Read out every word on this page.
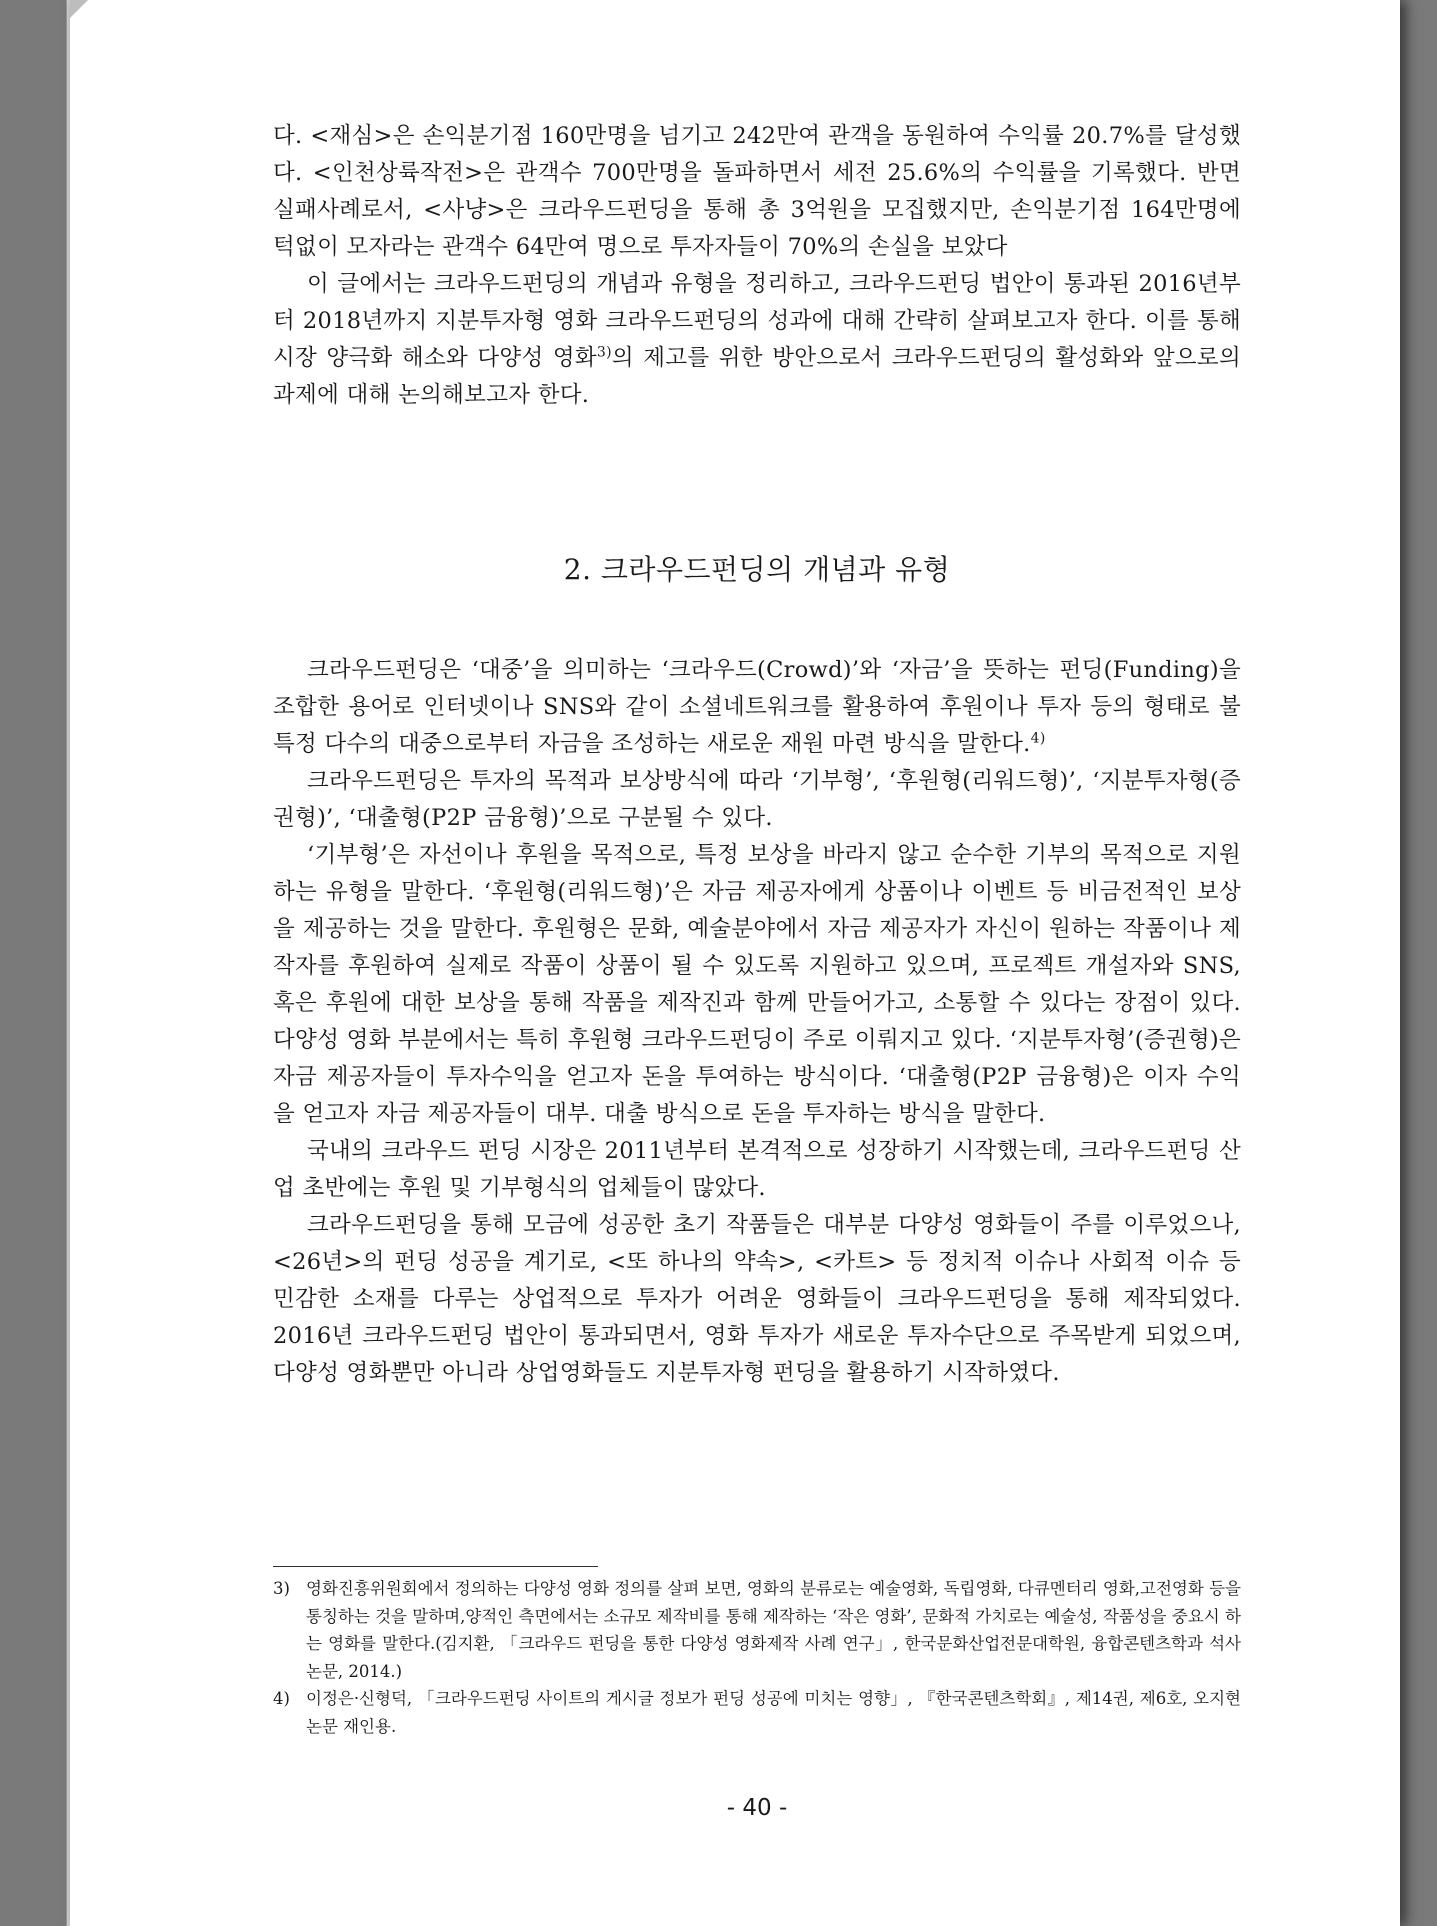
다. <재심>은 손익분기점 160만명을 넘기고 242만여 관객을 동원하여 수익률 20.7%를 달성했다. <인천상륙작전>은 관객수 700만명을 돌파하면서 세전 25.6%의 수익률을 기록했다. 반면 실패사례로서, <사냥>은 크라우드펀딩을 통해 총 3억원을 모집했지만, 손익분기점 164만명에 턱없이 모자라는 관객수 64만여 명으로 투자자들이 70%의 손실을 보았다

이 글에서는 크라우드펀딩의 개념과 유형을 정리하고, 크라우드펀딩 법안이 통과된 2016년부터 2018년까지 지분투자형 영화 크라우드펀딩의 성과에 대해 간략히 살펴보고자 한다. 이를 통해 시장 양극화 해소와 다양성 영화$^{3)}$의 제고를 위한 방안으로서 크라우드펀딩의 활성화와 앞으로의 과제에 대해 논의해보고자 한다.

2. 크라우드펀딩의 개념과 유형

크라우드펀딩은 ‘대중’을 의미하는 ‘크라우드(Crowd)’와 ‘자금’을 뜻하는 펀딩(Funding)을 조합한 용어로 인터넷이나 SNS와 같이 소셜네트워크를 활용하여 후원이나 투자 등의 형태로 불특정 다수의 대중으로부터 자금을 조성하는 새로운 재원 마련 방식을 말한다.$^{4)}$

크라우드펀딩은 투자의 목적과 보상방식에 따라 ‘기부형’, ‘후원형(리워드형)’, ‘지분투자형(증권형)’, ‘대출형(P2P 금융형)’으로 구분될 수 있다.

‘기부형’은 자선이나 후원을 목적으로, 특정 보상을 바라지 않고 순수한 기부의 목적으로 지원하는 유형을 말한다. ‘후원형(리워드형)’은 자금 제공자에게 상품이나 이벤트 등 비금전적인 보상을 제공하는 것을 말한다. 후원형은 문화, 예술분야에서 자금 제공자가 자신이 원하는 작품이나 제작자를 후원하여 실제로 작품이 상품이 될 수 있도록 지원하고 있으며, 프로젝트 개설자와 SNS, 혹은 후원에 대한 보상을 통해 작품을 제작진과 함께 만들어가고, 소통할 수 있다는 장점이 있다. 다양성 영화 부분에서는 특히 후원형 크라우드펀딩이 주로 이뤄지고 있다. ‘지분투자형’(증권형)은 자금 제공자들이 투자수익을 얻고자 돈을 투여하는 방식이다. ‘대출형(P2P 금융형)은 이자 수익을 얻고자 자금 제공자들이 대부. 대출 방식으로 돈을 투자하는 방식을 말한다.

국내의 크라우드 펀딩 시장은 2011년부터 본격적으로 성장하기 시작했는데, 크라우드펀딩 산업 초반에는 후원 및 기부형식의 업체들이 많았다.

크라우드펀딩을 통해 모금에 성공한 초기 작품들은 대부분 다양성 영화들이 주를 이루었으나, <26년>의 펀딩 성공을 계기로, <또 하나의 약속>, <카트> 등 정치적 이슈나 사회적 이슈 등 민감한 소재를 다루는 상업적으로 투자가 어려운 영화들이 크라우드펀딩을 통해 제작되었다. 2016년 크라우드펀딩 법안이 통과되면서, 영화 투자가 새로운 투자수단으로 주목받게 되었으며, 다양성 영화뿐만 아니라 상업영화들도 지분투자형 펀딩을 활용하기 시작하였다.

3) 영화진흥위원회에서 정의하는 다양성 영화 정의를 살펴 보면, 영화의 분류로는 예술영화, 독립영화, 다큐멘터리 영화,고전영화 등을 통칭하는 것을 말하며,양적인 측면에서는 소규모 제작비를 통해 제작하는 ‘작은 영화’, 문화적 가치로는 예술성, 작품성을 중요시 하는 영화를 말한다.(김지환, 「크라우드 펀딩을 통한 다양성 영화제작 사례 연구」, 한국문화산업전문대학원, 융합콘텐츠학과 석사논문, 2014.)

4) 이정은·신형덕, 「크라우드펀딩 사이트의 게시글 정보가 펀딩 성공에 미치는 영향」, 『한국콘텐츠학회』, 제14권, 제6호, 오지현 논문 재인용.

- 40 -
